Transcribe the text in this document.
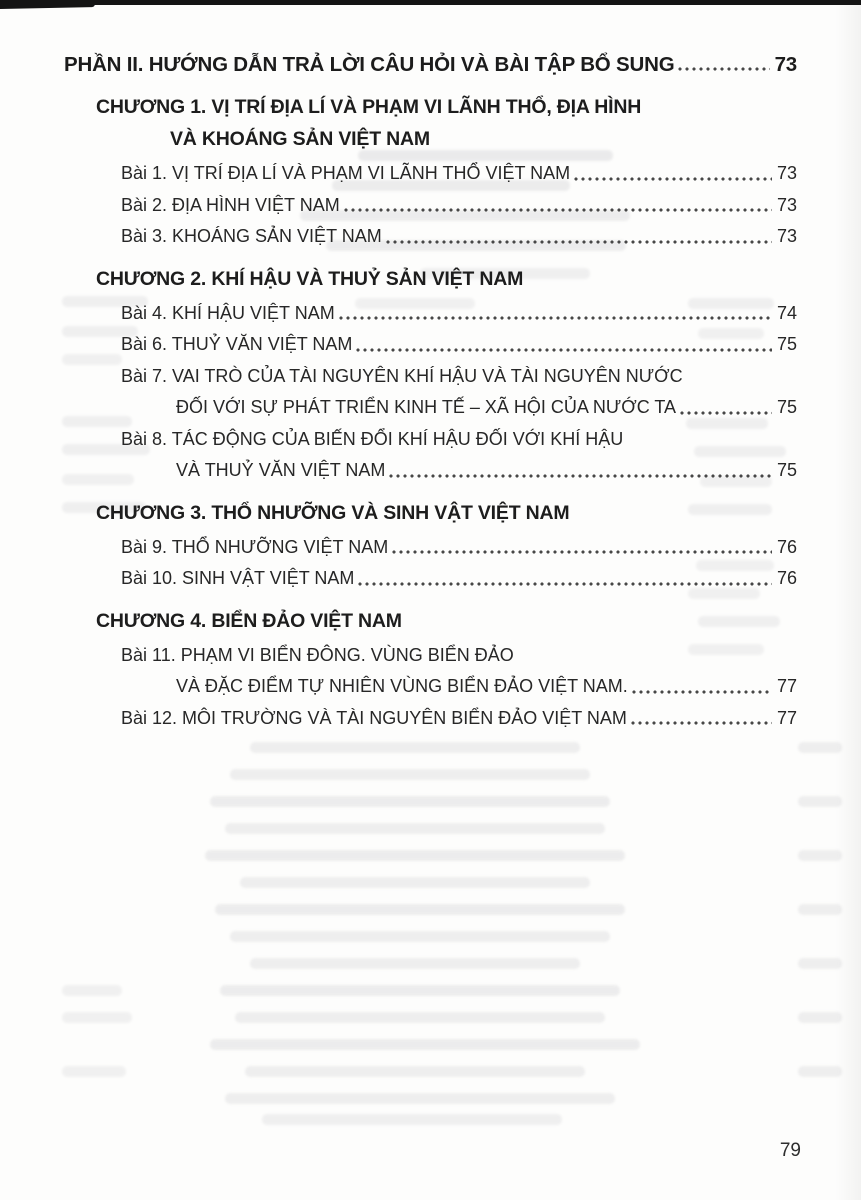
PHẦN II. HƯỚNG DẪN TRẢ LỜI CÂU HỎI VÀ BÀI TẬP BỔ SUNG	73
CHƯƠNG 1. VỊ TRÍ ĐỊA LÍ VÀ PHẠM VI LÃNH THỔ, ĐỊA HÌNH
VÀ KHOÁNG SẢN VIỆT NAM
Bài 1. VỊ TRÍ ĐỊA LÍ VÀ PHẠM VI LÃNH THỔ VIỆT NAM	73
Bài 2. ĐỊA HÌNH VIỆT NAM	73
Bài 3. KHOÁNG SẢN VIỆT NAM	73
CHƯƠNG 2. KHÍ HẬU VÀ THUỶ SẢN VIỆT NAM
Bài 4. KHÍ HẬU VIỆT NAM	74
Bài 6. THUỶ VĂN VIỆT NAM	75
Bài 7. VAI TRÒ CỦA TÀI NGUYÊN KHÍ HẬU VÀ TÀI NGUYÊN NƯỚC
ĐỐI VỚI SỰ PHÁT TRIỂN KINH TẾ – XÃ HỘI CỦA NƯỚC TA	75
Bài 8. TÁC ĐỘNG CỦA BIẾN ĐỔI KHÍ HẬU ĐỐI VỚI KHÍ HẬU
VÀ THUỶ VĂN VIỆT NAM	75
CHƯƠNG 3. THỔ NHƯỠNG VÀ SINH VẬT VIỆT NAM
Bài 9. THỔ NHƯỠNG VIỆT NAM	76
Bài 10. SINH VẬT VIỆT NAM	76
CHƯƠNG 4. BIỂN ĐẢO VIỆT NAM
Bài 11. PHẠM VI BIỂN ĐÔNG. VÙNG BIỂN ĐẢO
VÀ ĐẶC ĐIỂM TỰ NHIÊN VÙNG BIỂN ĐẢO VIỆT NAM.	77
Bài 12. MÔI TRƯỜNG VÀ TÀI NGUYÊN BIỂN ĐẢO VIỆT NAM	77
79
